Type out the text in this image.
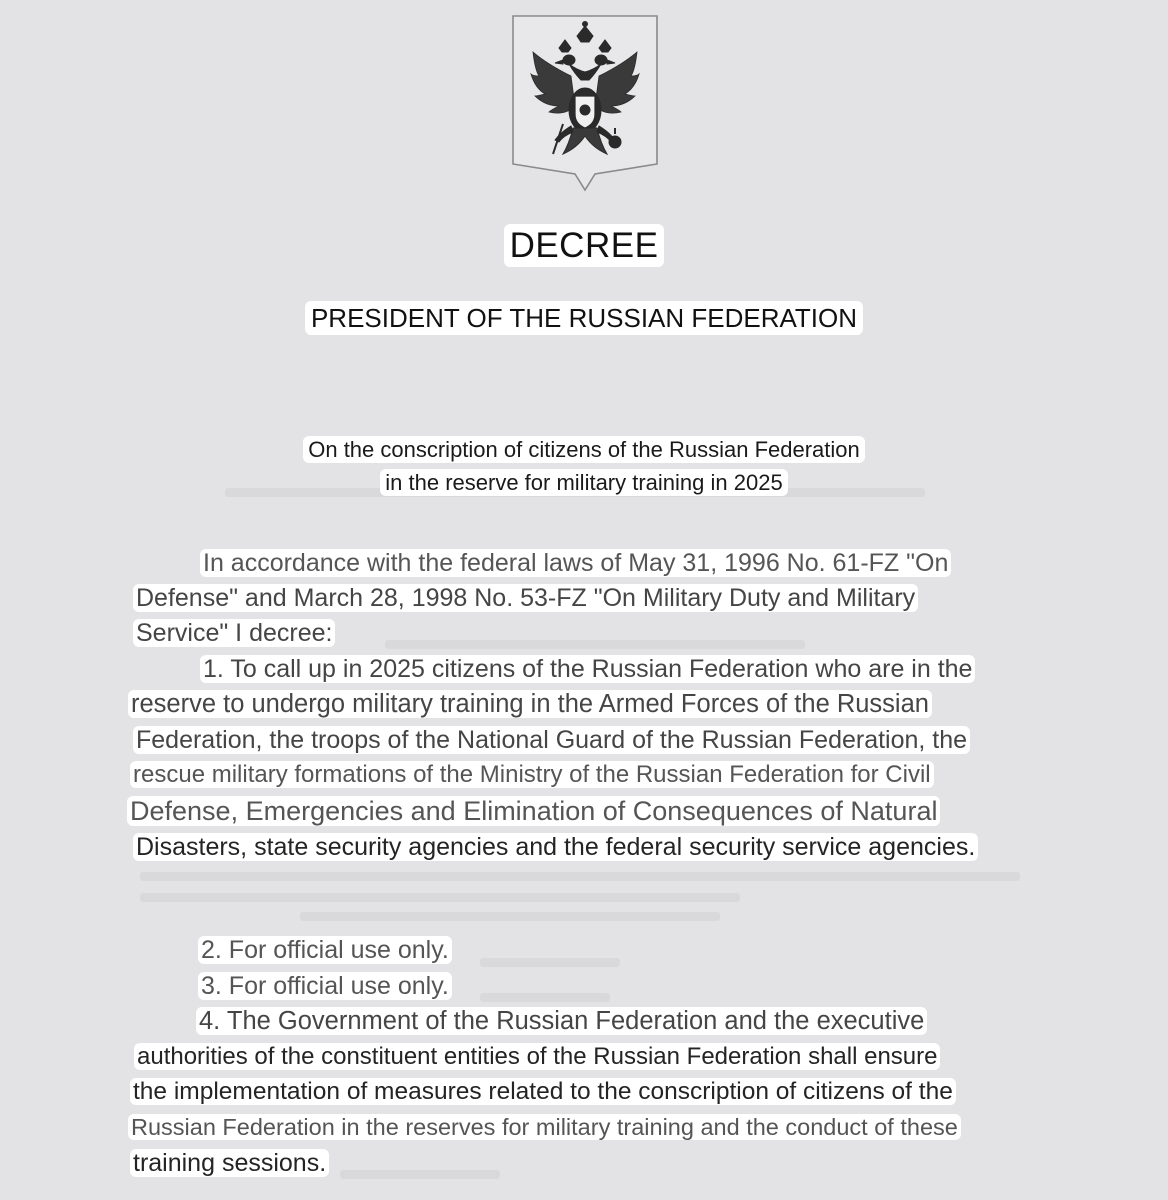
DECREE
PRESIDENT OF THE RUSSIAN FEDERATION
On the conscription of citizens of the Russian Federation
in the reserve for military training in 2025
In accordance with the federal laws of May 31, 1996 No. 61-FZ "On
Defense" and March 28, 1998 No. 53-FZ "On Military Duty and Military
Service" I decree:
1. To call up in 2025 citizens of the Russian Federation who are in the
reserve to undergo military training in the Armed Forces of the Russian
Federation, the troops of the National Guard of the Russian Federation, the
rescue military formations of the Ministry of the Russian Federation for Civil
Defense, Emergencies and Elimination of Consequences of Natural
Disasters, state security agencies and the federal security service agencies.
2. For official use only.
3. For official use only.
4. The Government of the Russian Federation and the executive
authorities of the constituent entities of the Russian Federation shall ensure
the implementation of measures related to the conscription of citizens of the
Russian Federation in the reserves for military training and the conduct of these
training sessions.
